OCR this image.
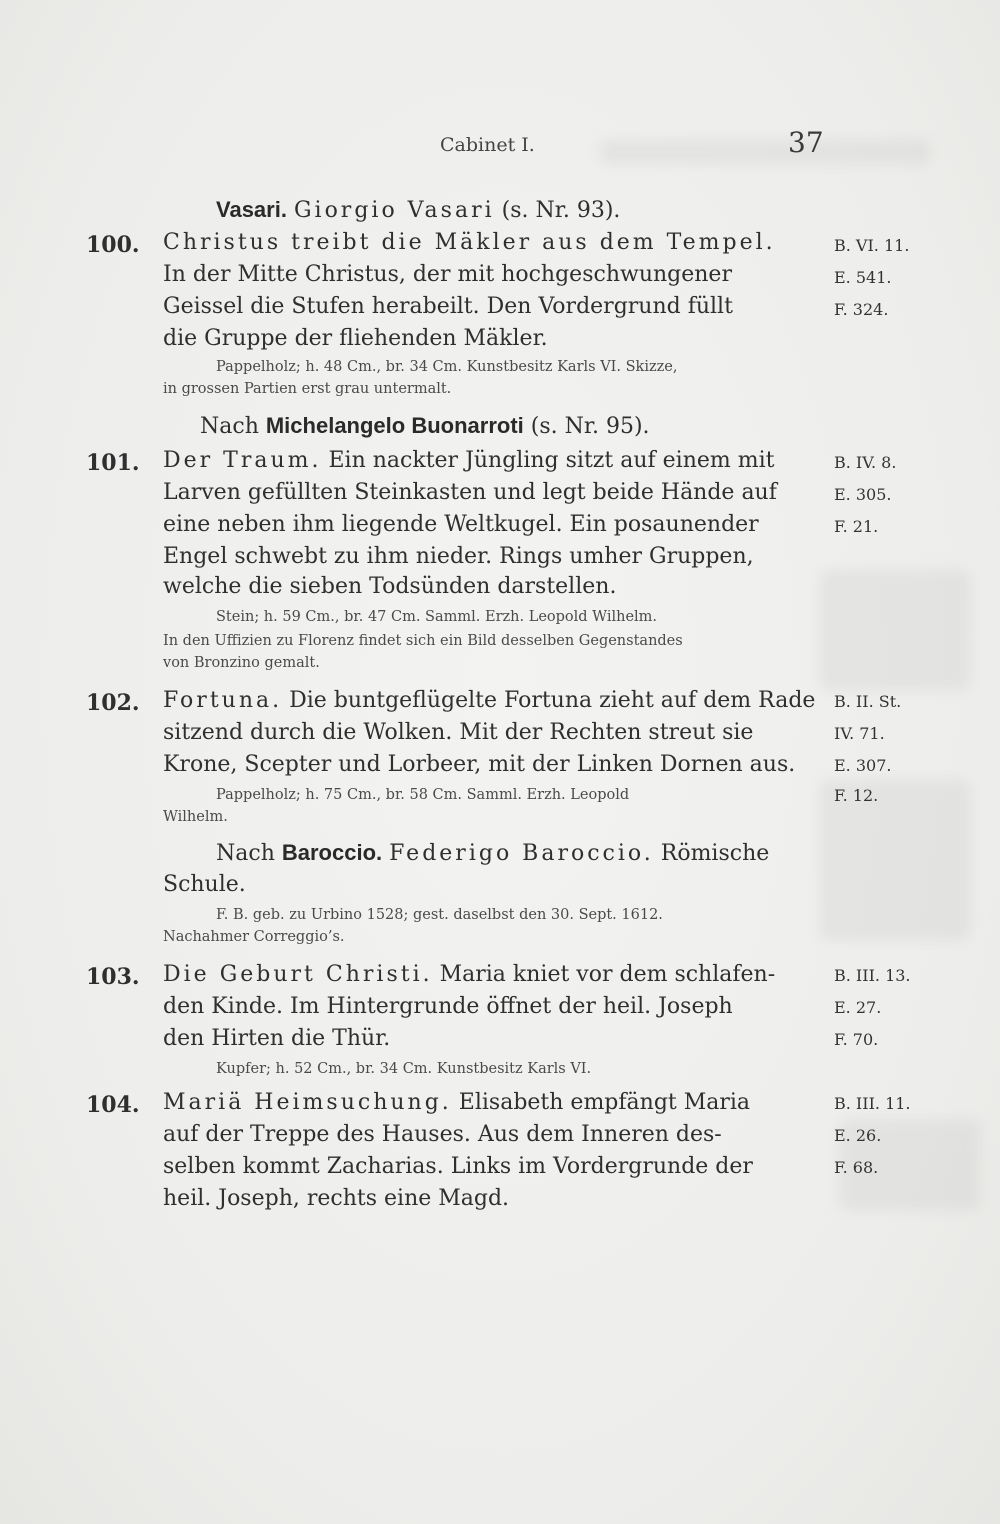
Cabinet I.	37
Vasari. Giorgio Vasari (s. Nr. 93).
100. Christus treibt die Mäkler aus dem Tempel.
In der Mitte Christus, der mit hochgeschwungener
Geissel die Stufen herabeilt. Den Vordergrund füllt
die Gruppe der fliehenden Mäkler.
Pappelholz; h. 48 Cm., br. 34 Cm. Kunstbesitz Karls VI. Skizze,
in grossen Partien erst grau untermalt.
B. VI. 11.
E. 541.
F. 324.
Nach Michelangelo Buonarroti (s. Nr. 95).
101. Der Traum. Ein nackter Jüngling sitzt auf einem mit
Larven gefüllten Steinkasten und legt beide Hände auf
eine neben ihm liegende Weltkugel. Ein posaunender
Engel schwebt zu ihm nieder. Rings umher Gruppen,
welche die sieben Todsünden darstellen.
Stein; h. 59 Cm., br. 47 Cm. Samml. Erzh. Leopold Wilhelm.
In den Uffizien zu Florenz findet sich ein Bild desselben Gegenstandes
von Bronzino gemalt.
B. IV. 8.
E. 305.
F. 21.
102. Fortuna. Die buntgeflügelte Fortuna zieht auf dem Rade
sitzend durch die Wolken. Mit der Rechten streut sie
Krone, Scepter und Lorbeer, mit der Linken Dornen aus.
Pappelholz; h. 75 Cm., br. 58 Cm. Samml. Erzh. Leopold
Wilhelm.
B. II. St.
IV. 71.
E. 307.
F. 12.
Nach Baroccio. Federigo Baroccio. Römische
Schule.
F. B. geb. zu Urbino 1528; gest. daselbst den 30. Sept. 1612.
Nachahmer Correggio’s.
103. Die Geburt Christi. Maria kniet vor dem schlafen-
den Kinde. Im Hintergrunde öffnet der heil. Joseph
den Hirten die Thür.
Kupfer; h. 52 Cm., br. 34 Cm. Kunstbesitz Karls VI.
B. III. 13.
E. 27.
F. 70.
104. Mariä Heimsuchung. Elisabeth empfängt Maria
auf der Treppe des Hauses. Aus dem Inneren des-
selben kommt Zacharias. Links im Vordergrunde der
heil. Joseph, rechts eine Magd.
B. III. 11.
E. 26.
F. 68.
